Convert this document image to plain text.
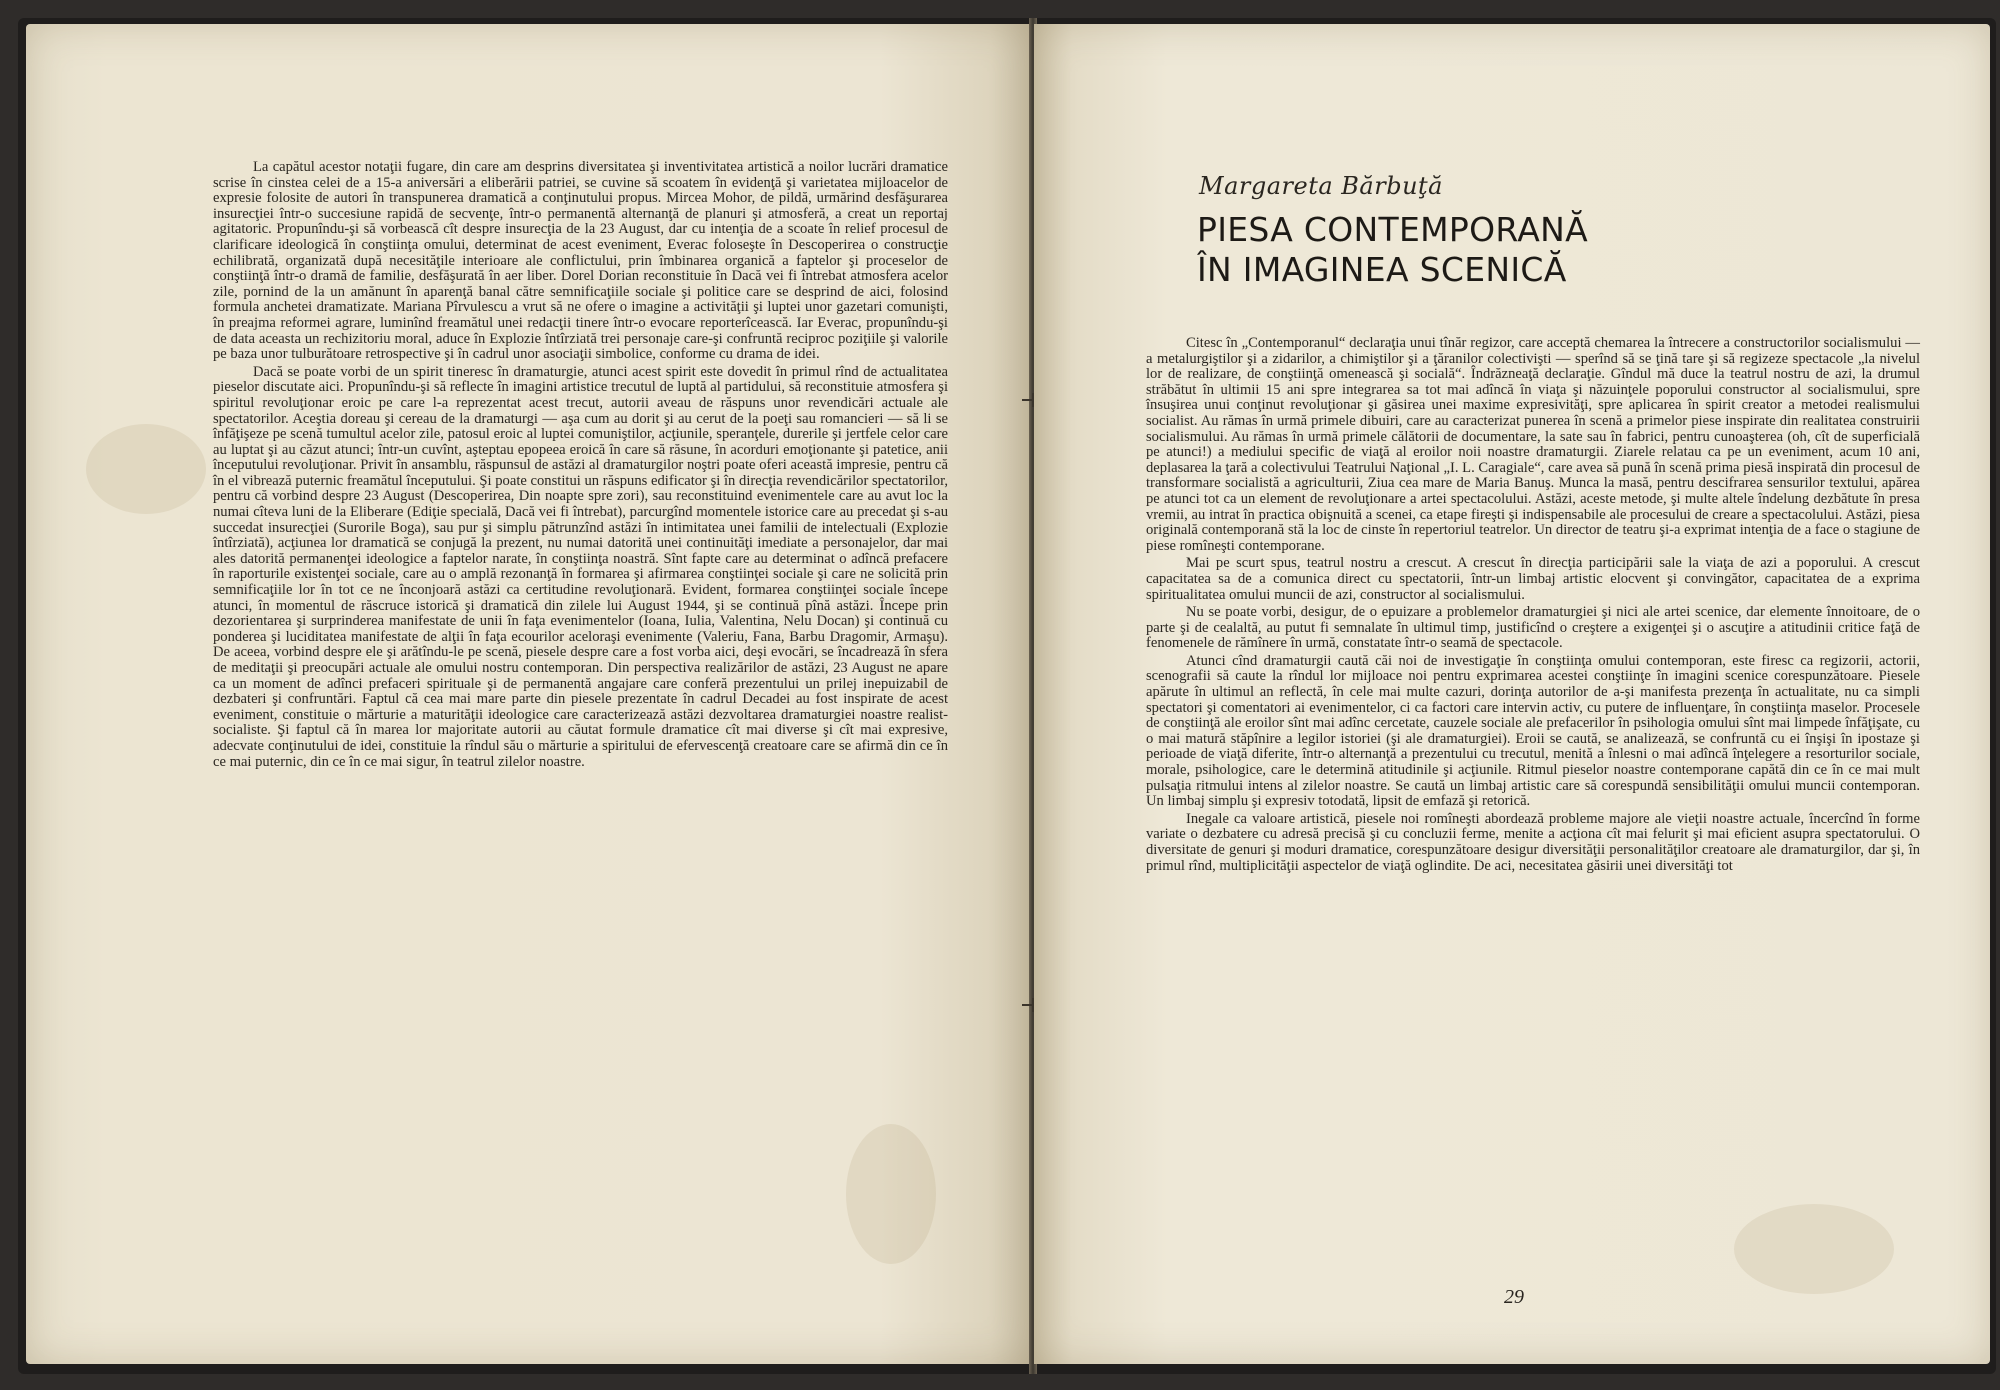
La capătul acestor notaţii fugare, din care am desprins diversitatea şi inventivitatea artistică a noilor lucrări dramatice scrise în cinstea celei de a 15-a aniversări a eliberării patriei, se cuvine să scoatem în evidenţă şi varietatea mijloacelor de expresie folosite de autori în transpunerea dramatică a conţinutului propus. Mircea Mohor, de pildă, urmărind desfăşurarea insurecţiei într-o succesiune rapidă de secvenţe, într-o permanentă alternanţă de planuri şi atmosferă, a creat un reportaj agitatoric. Propunîndu-şi să vorbească cît despre insurecţia de la 23 August, dar cu intenţia de a scoate în relief procesul de clarificare ideologică în conştiinţa omului, determinat de acest eveniment, Everac foloseşte în Descoperirea o construcţie echilibrată, organizată după necesităţile interioare ale conflictului, prin îmbinarea organică a faptelor şi proceselor de conştiinţă într-o dramă de familie, desfăşurată în aer liber. Dorel Dorian reconstituie în Dacă vei fi întrebat atmosfera acelor zile, pornind de la un amănunt în aparenţă banal către semnificaţiile sociale şi politice care se desprind de aici, folosind formula anchetei dramatizate. Mariana Pîrvulescu a vrut să ne ofere o imagine a activităţii şi luptei unor gazetari comunişti, în preajma reformei agrare, luminînd freamătul unei redacţii tinere într-o evocare reporterîcească. Iar Everac, propunîndu-şi de data aceasta un rechizitoriu moral, aduce în Explozie întîrziată trei personaje care-şi confruntă reciproc poziţiile şi valorile pe baza unor tulburătoare retrospective şi în cadrul unor asociaţii simbolice, conforme cu drama de idei.

Dacă se poate vorbi de un spirit tineresc în dramaturgie, atunci acest spirit este dovedit în primul rînd de actualitatea pieselor discutate aici. Propunîndu-şi să reflecte în imagini artistice trecutul de luptă al partidului, să reconstituie atmosfera şi spiritul revoluţionar eroic pe care l-a reprezentat acest trecut, autorii aveau de răspuns unor revendicări actuale ale spectatorilor. Aceştia doreau şi cereau de la dramaturgi — aşa cum au dorit şi au cerut de la poeţi sau romancieri — să li se înfăţişeze pe scenă tumultul acelor zile, patosul eroic al luptei comuniştilor, acţiunile, speranţele, durerile şi jertfele celor care au luptat şi au căzut atunci; într-un cuvînt, aşteptau epopeea eroică în care să răsune, în acorduri emoţionante şi patetice, anii începutului revoluţionar. Privit în ansamblu, răspunsul de astăzi al dramaturgilor noştri poate oferi această impresie, pentru că în el vibrează puternic freamătul începutului. Şi poate constitui un răspuns edificator şi în direcţia revendicărilor spectatorilor, pentru că vorbind despre 23 August (Descoperirea, Din noapte spre zori), sau reconstituind evenimentele care au avut loc la numai cîteva luni de la Eliberare (Ediţie specială, Dacă vei fi întrebat), parcurgînd momentele istorice care au precedat şi s-au succedat insurecţiei (Surorile Boga), sau pur şi simplu pătrunzînd astăzi în intimitatea unei familii de intelectuali (Explozie întîrziată), acţiunea lor dramatică se conjugă la prezent, nu numai datorită unei continuităţi imediate a personajelor, dar mai ales datorită permanenţei ideologice a faptelor narate, în conştiinţa noastră. Sînt fapte care au determinat o adîncă prefacere în raporturile existenţei sociale, care au o amplă rezonanţă în formarea şi afirmarea conştiinţei sociale şi care ne solicită prin semnificaţiile lor în tot ce ne înconjoară astăzi ca certitudine revoluţionară. Evident, formarea conştiinţei sociale începe atunci, în momentul de răscruce istorică şi dramatică din zilele lui August 1944, şi se continuă pînă astăzi. Începe prin dezorientarea şi surprinderea manifestate de unii în faţa evenimentelor (Ioana, Iulia, Valentina, Nelu Docan) şi continuă cu ponderea şi luciditatea manifestate de alţii în faţa ecourilor aceloraşi evenimente (Valeriu, Fana, Barbu Dragomir, Armaşu). De aceea, vorbind despre ele şi arătîndu-le pe scenă, piesele despre care a fost vorba aici, deşi evocări, se încadrează în sfera de meditaţii şi preocupări actuale ale omului nostru contemporan. Din perspectiva realizărilor de astăzi, 23 August ne apare ca un moment de adînci prefaceri spirituale şi de permanentă angajare care conferă prezentului un prilej inepuizabil de dezbateri şi confruntări. Faptul că cea mai mare parte din piesele prezentate în cadrul Decadei au fost inspirate de acest eveniment, constituie o mărturie a maturităţii ideologice care caracterizează astăzi dezvoltarea dramaturgiei noastre realist-socialiste. Şi faptul că în marea lor majoritate autorii au căutat formule dramatice cît mai diverse şi cît mai expresive, adecvate conţinutului de idei, constituie la rîndul său o mărturie a spiritului de efervescenţă creatoare care se afirmă din ce în ce mai puternic, din ce în ce mai sigur, în teatrul zilelor noastre.

Margareta Bărbuţă
PIESA CONTEMPORANĂ
ÎN IMAGINEA SCENICĂ

Citesc în „Contemporanul“ declaraţia unui tînăr regizor, care acceptă chemarea la întrecere a constructorilor socialismului — a metalurgiştilor şi a zidarilor, a chimiştilor şi a ţăranilor colectivişti — sperînd să se ţină tare şi să regizeze spectacole „la nivelul lor de realizare, de conştiinţă omenească şi socială“. Îndrăzneaţă declaraţie. Gîndul mă duce la teatrul nostru de azi, la drumul străbătut în ultimii 15 ani spre integrarea sa tot mai adîncă în viaţa şi năzuinţele poporului constructor al socialismului, spre însuşirea unui conţinut revoluţionar şi găsirea unei maxime expresivităţi, spre aplicarea în spirit creator a metodei realismului socialist. Au rămas în urmă primele dibuiri, care au caracterizat punerea în scenă a primelor piese inspirate din realitatea construirii socialismului. Au rămas în urmă primele călătorii de documentare, la sate sau în fabrici, pentru cunoaşterea (oh, cît de superficială pe atunci!) a mediului specific de viaţă al eroilor noii noastre dramaturgii. Ziarele relatau ca pe un eveniment, acum 10 ani, deplasarea la ţară a colectivului Teatrului Naţional „I. L. Caragiale“, care avea să pună în scenă prima piesă inspirată din procesul de transformare socialistă a agriculturii, Ziua cea mare de Maria Banuş. Munca la masă, pentru descifrarea sensurilor textului, apărea pe atunci tot ca un element de revoluţionare a artei spectacolului. Astăzi, aceste metode, şi multe altele îndelung dezbătute în presa vremii, au intrat în practica obişnuită a scenei, ca etape fireşti şi indispensabile ale procesului de creare a spectacolului. Astăzi, piesa originală contemporană stă la loc de cinste în repertoriul teatrelor. Un director de teatru şi-a exprimat intenţia de a face o stagiune de piese romîneşti contemporane.

Mai pe scurt spus, teatrul nostru a crescut. A crescut în direcţia participării sale la viaţa de azi a poporului. A crescut capacitatea sa de a comunica direct cu spectatorii, într-un limbaj artistic elocvent şi convingător, capacitatea de a exprima spiritualitatea omului muncii de azi, constructor al socialismului.

Nu se poate vorbi, desigur, de o epuizare a problemelor dramaturgiei şi nici ale artei scenice, dar elemente înnoitoare, de o parte şi de cealaltă, au putut fi semnalate în ultimul timp, justificînd o creştere a exigenţei şi o ascuţire a atitudinii critice faţă de fenomenele de rămînere în urmă, constatate într-o seamă de spectacole.

Atunci cînd dramaturgii caută căi noi de investigaţie în conştiinţa omului contemporan, este firesc ca regizorii, actorii, scenografii să caute la rîndul lor mijloace noi pentru exprimarea acestei conştiinţe în imagini scenice corespunzătoare. Piesele apărute în ultimul an reflectă, în cele mai multe cazuri, dorinţa autorilor de a-şi manifesta prezenţa în actualitate, nu ca simpli spectatori şi comentatori ai evenimentelor, ci ca factori care intervin activ, cu putere de influenţare, în conştiinţa maselor. Procesele de conştiinţă ale eroilor sînt mai adînc cercetate, cauzele sociale ale prefacerilor în psihologia omului sînt mai limpede înfăţişate, cu o mai matură stăpînire a legilor istoriei (şi ale dramaturgiei). Eroii se caută, se analizează, se confruntă cu ei înşişi în ipostaze şi perioade de viaţă diferite, într-o alternanţă a prezentului cu trecutul, menită a înlesni o mai adîncă înţelegere a resorturilor sociale, morale, psihologice, care le determină atitudinile şi acţiunile. Ritmul pieselor noastre contemporane capătă din ce în ce mai mult pulsaţia ritmului intens al zilelor noastre. Se caută un limbaj artistic care să corespundă sensibilităţii omului muncii contemporan. Un limbaj simplu şi expresiv totodată, lipsit de emfază şi retorică.

Inegale ca valoare artistică, piesele noi romîneşti abordează probleme majore ale vieţii noastre actuale, încercînd în forme variate o dezbatere cu adresă precisă şi cu concluzii ferme, menite a acţiona cît mai felurit şi mai eficient asupra spectatorului. O diversitate de genuri şi moduri dramatice, corespunzătoare desigur diversităţii personalităţilor creatoare ale dramaturgilor, dar şi, în primul rînd, multiplicităţii aspectelor de viaţă oglindite. De aci, necesitatea găsirii unei diversităţi tot

29
